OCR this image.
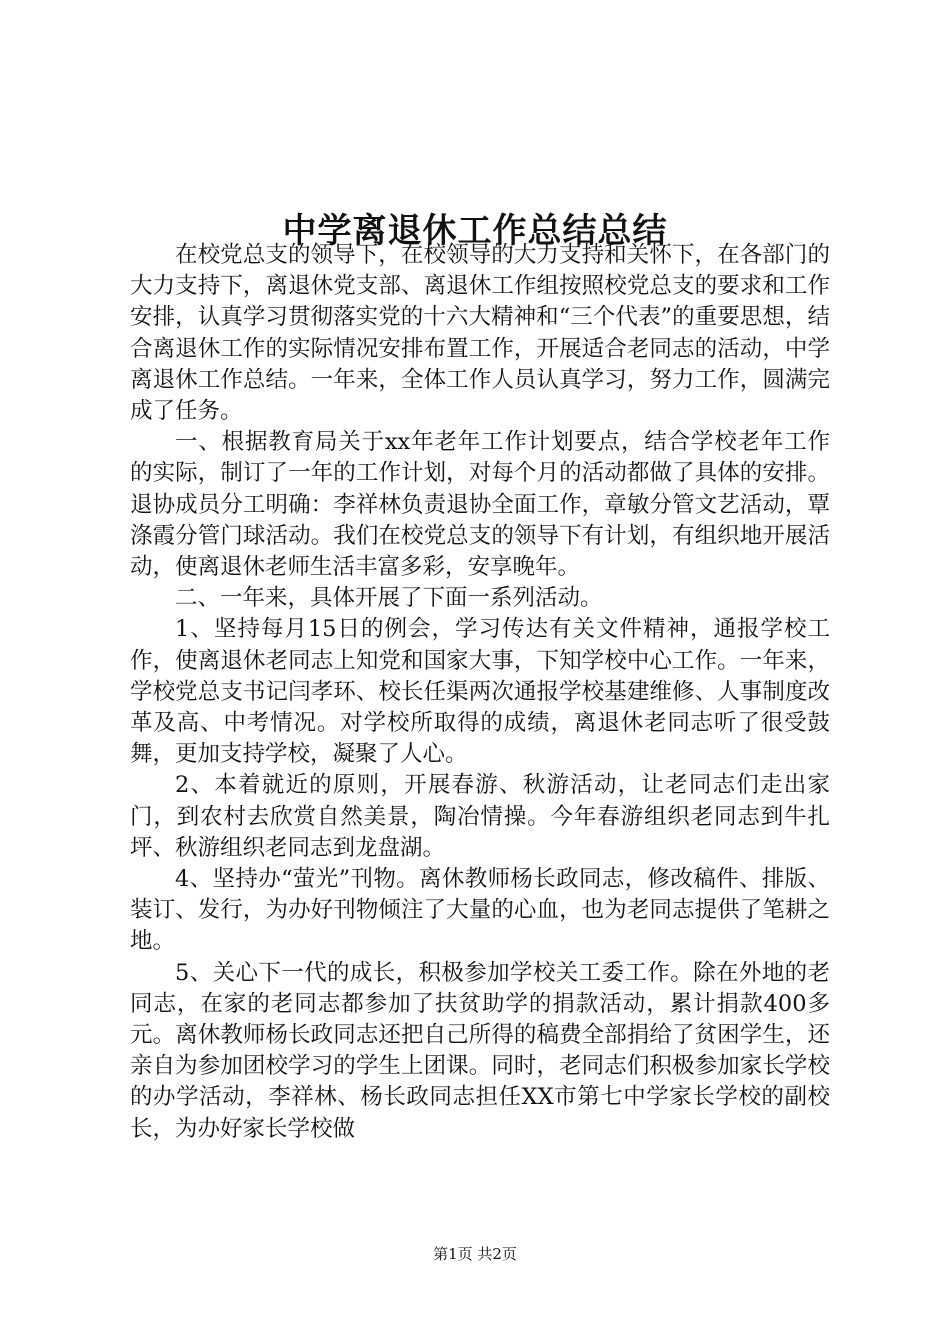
中学离退休工作总结总结

在校党总支的领导下，在校领导的大力支持和关怀下，在各部门的大力支持下，离退休党支部、离退休工作组按照校党总支的要求和工作安排，认真学习贯彻落实党的十六大精神和“三个代表”的重要思想，结合离退休工作的实际情况安排布置工作，开展适合老同志的活动，中学离退休工作总结。一年来，全体工作人员认真学习，努力工作，圆满完成了任务。

一、根据教育局关于xx年老年工作计划要点，结合学校老年工作的实际，制订了一年的工作计划，对每个月的活动都做了具体的安排。退协成员分工明确：李祥林负责退协全面工作，章敏分管文艺活动，覃涤霞分管门球活动。我们在校党总支的领导下有计划，有组织地开展活动，使离退休老师生活丰富多彩，安享晚年。

二、一年来，具体开展了下面一系列活动。

1、坚持每月15日的例会，学习传达有关文件精神，通报学校工作，使离退休老同志上知党和国家大事，下知学校中心工作。一年来，学校党总支书记闫孝环、校长任渠两次通报学校基建维修、人事制度改革及高、中考情况。对学校所取得的成绩，离退休老同志听了很受鼓舞，更加支持学校，凝聚了人心。

2、本着就近的原则，开展春游、秋游活动，让老同志们走出家门，到农村去欣赏自然美景，陶冶情操。今年春游组织老同志到牛扎坪、秋游组织老同志到龙盘湖。

4、坚持办“萤光”刊物。离休教师杨长政同志，修改稿件、排版、装订、发行，为办好刊物倾注了大量的心血，也为老同志提供了笔耕之地。

5、关心下一代的成长，积极参加学校关工委工作。除在外地的老同志，在家的老同志都参加了扶贫助学的捐款活动，累计捐款400多元。离休教师杨长政同志还把自己所得的稿费全部捐给了贫困学生，还亲自为参加团校学习的学生上团课。同时，老同志们积极参加家长学校的办学活动，李祥林、杨长政同志担任XX市第七中学家长学校的副校长，为办好家长学校做

第1页 共2页
